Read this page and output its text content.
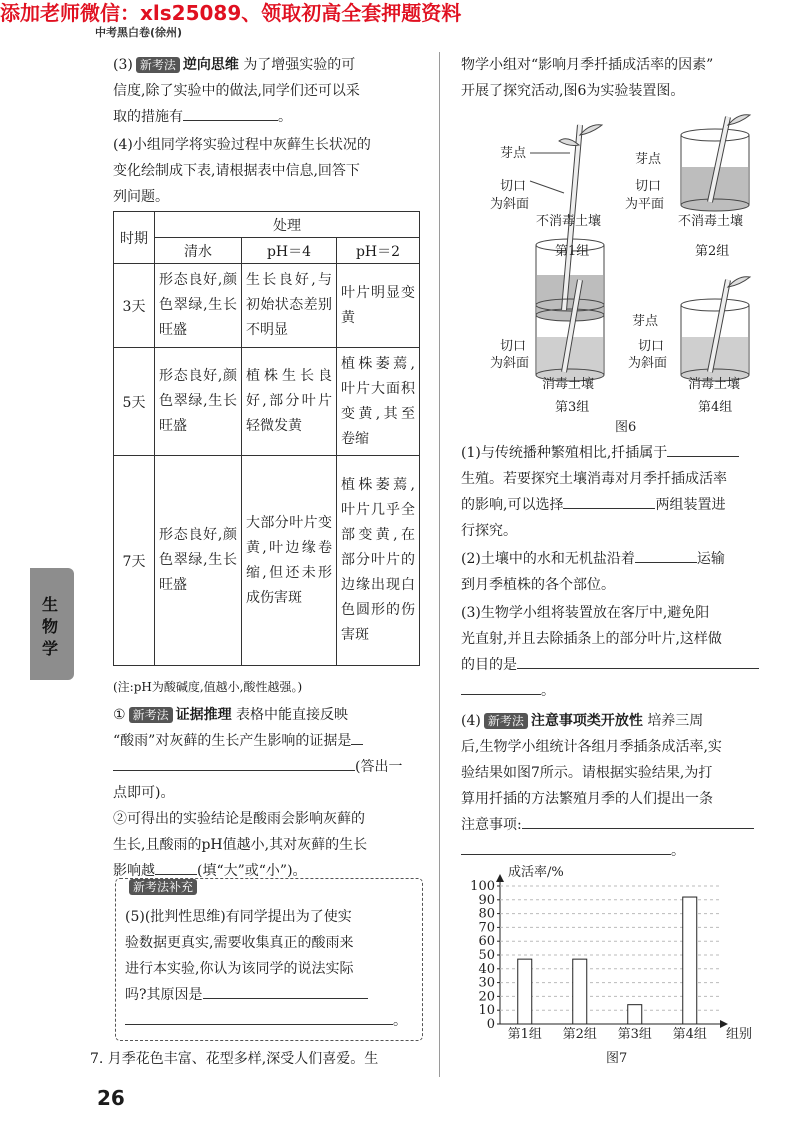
添加老师微信：xls25089、领取初高全套押题资料
中考黑白卷(徐州)

(3) 新考法 逆向思维 为了增强实验的可

信度,除了实验中的做法,同学们还可以采

取的措施有	。

(4)小组同学将实验过程中灰藓生长状况的

变化绘制成下表,请根据表中信息,回答下

列问题。

时期	处理		
	清水	pH＝4	pH＝2
3天	形态良好,颜色翠绿,生长旺盛	生长良好,与初始状态差别不明显	叶片明显变黄
5天	形态良好,颜色翠绿,生长旺盛	植株生长良好,部分叶片轻微发黄	植株萎蔫,叶片大面积变黄,其至卷缩
7天	形态良好,颜色翠绿,生长旺盛	大部分叶片变黄,叶边缘卷缩,但还未形成伤害斑	植株萎蔫,叶片几乎全部变黄,在部分叶片的边缘出现白色圆形的伤害斑

(注:pH为酸碱度,值越小,酸性越强。)

① 新考法 证据推理 表格中能直接反映

“酸雨”对灰藓的生长产生影响的证据是

(答出一

点即可)。

②可得出的实验结论是酸雨会影响灰藓的

生长,且酸雨的pH值越小,其对灰藓的生长

影响越	(填“大”或“小”)。

新考法补充

(5)(批判性思维)有同学提出为了使实

验数据更真实,需要收集真正的酸雨来

进行本实验,你认为该同学的说法实际

吗?其原因是

。

7. 月季花色丰富、花型多样,深受人们喜爱。生

生物学
26

物学小组对“影响月季扦插成活率的因素”

开展了探究活动,图6为实验装置图。

芽点
切口
为斜面
不消毒土壤
第1组
芽点
切口
为平面
不消毒土壤
第2组
切口
为斜面
消毒土壤
第3组
芽点
切口
为斜面
消毒土壤
第4组
图6

(1)与传统播种繁殖相比,扦插属于

生殖。若要探究土壤消毒对月季扦插成活率

的影响,可以选择	两组装置进

行探究。

(2)土壤中的水和无机盐沿着	运输

到月季植株的各个部位。

(3)生物学小组将装置放在客厅中,避免阳

光直射,并且去除插条上的部分叶片,这样做

的目的是

。

(4) 新考法 注意事项类开放性 培养三周

后,生物学小组统计各组月季插条成活率,实

验结果如图7所示。请根据实验结果,为打

算用扦插的方法繁殖月季的人们提出一条

注意事项:

。

成活率/%
组别
图7
0
10
20
30
40
50
60
70
80
90
100
第1组 第2组 第3组 第4组
